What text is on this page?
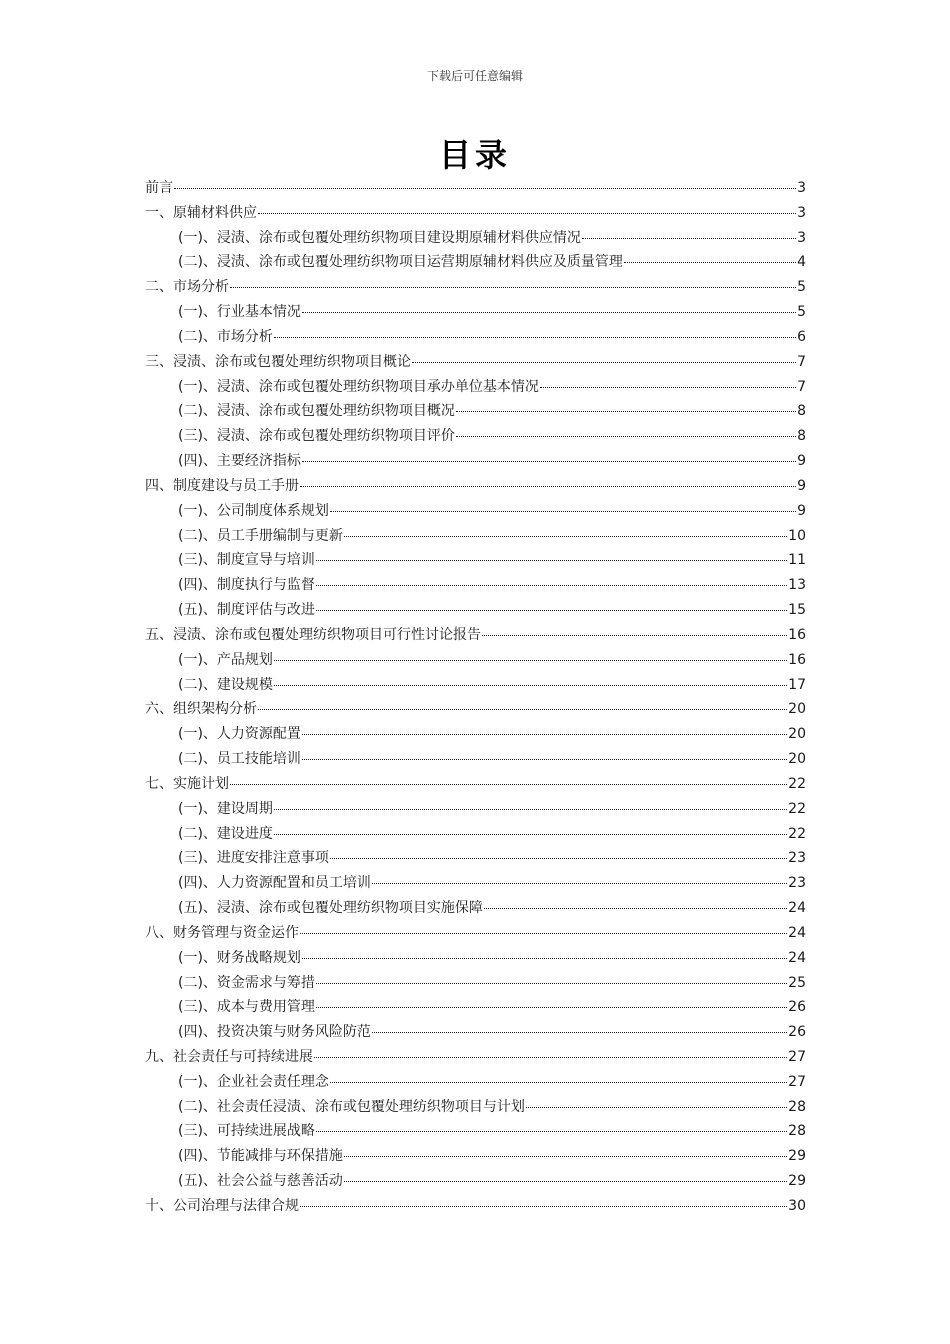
下载后可任意编辑
目录
前言	3
一、原辅材料供应	3
(一)、浸渍、涂布或包覆处理纺织物项目建设期原辅材料供应情况	3
(二)、浸渍、涂布或包覆处理纺织物项目运营期原辅材料供应及质量管理	4
二、市场分析	5
(一)、行业基本情况	5
(二)、市场分析	6
三、浸渍、涂布或包覆处理纺织物项目概论	7
(一)、浸渍、涂布或包覆处理纺织物项目承办单位基本情况	7
(二)、浸渍、涂布或包覆处理纺织物项目概况	8
(三)、浸渍、涂布或包覆处理纺织物项目评价	8
(四)、主要经济指标	9
四、制度建设与员工手册	9
(一)、公司制度体系规划	9
(二)、员工手册编制与更新	10
(三)、制度宣导与培训	11
(四)、制度执行与监督	13
(五)、制度评估与改进	15
五、浸渍、涂布或包覆处理纺织物项目可行性讨论报告	16
(一)、产品规划	16
(二)、建设规模	17
六、组织架构分析	20
(一)、人力资源配置	20
(二)、员工技能培训	20
七、实施计划	22
(一)、建设周期	22
(二)、建设进度	22
(三)、进度安排注意事项	23
(四)、人力资源配置和员工培训	23
(五)、浸渍、涂布或包覆处理纺织物项目实施保障	24
八、财务管理与资金运作	24
(一)、财务战略规划	24
(二)、资金需求与筹措	25
(三)、成本与费用管理	26
(四)、投资决策与财务风险防范	26
九、社会责任与可持续进展	27
(一)、企业社会责任理念	27
(二)、社会责任浸渍、涂布或包覆处理纺织物项目与计划	28
(三)、可持续进展战略	28
(四)、节能减排与环保措施	29
(五)、社会公益与慈善活动	29
十、公司治理与法律合规	30
